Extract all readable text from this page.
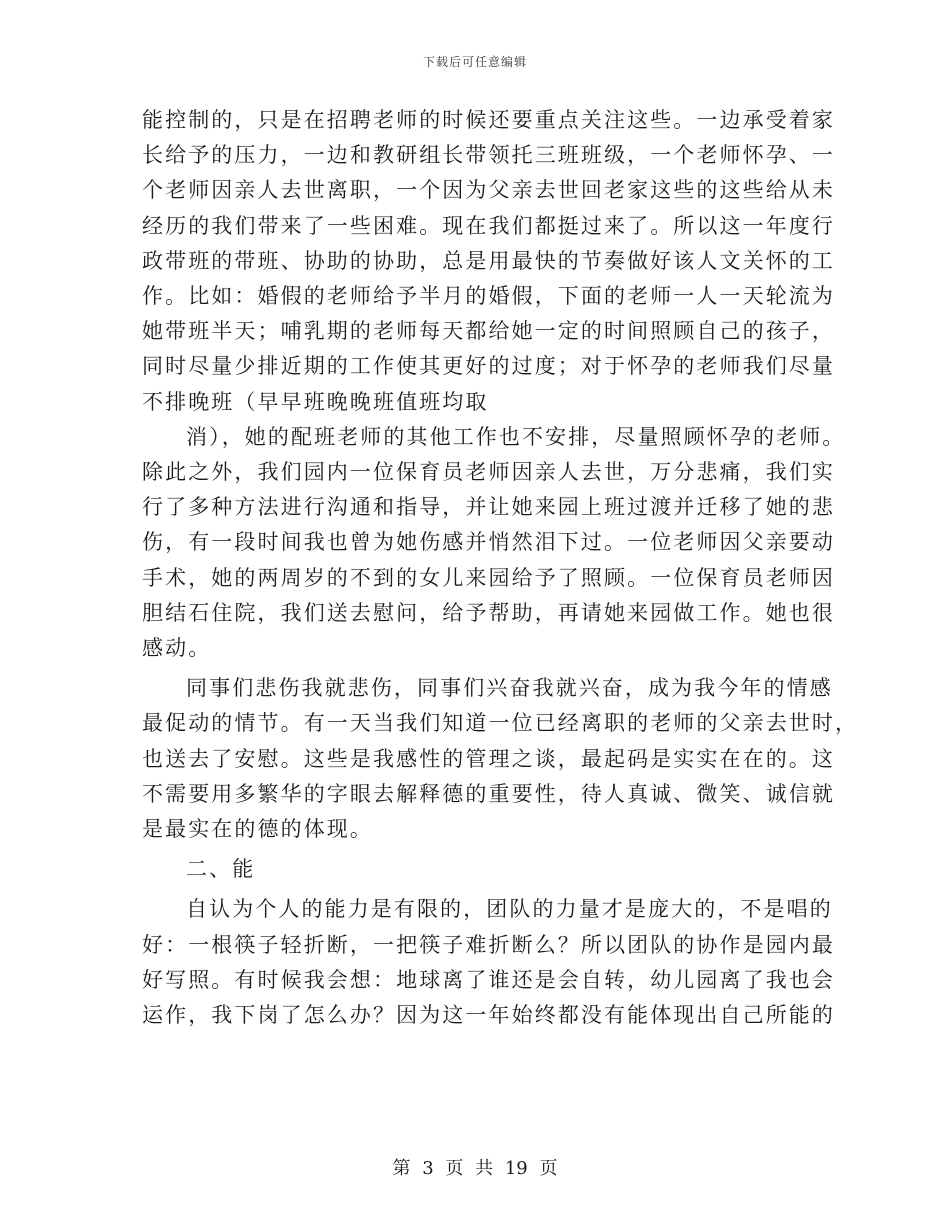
下载后可任意编辑
能控制的，只是在招聘老师的时候还要重点关注这些。一边承受着家
长给予的压力，一边和教研组长带领托三班班级，一个老师怀孕、一
个老师因亲人去世离职，一个因为父亲去世回老家这些的这些给从未
经历的我们带来了一些困难。现在我们都挺过来了。所以这一年度行
政带班的带班、协助的协助，总是用最快的节奏做好该人文关怀的工
作。比如：婚假的老师给予半月的婚假，下面的老师一人一天轮流为
她带班半天；哺乳期的老师每天都给她一定的时间照顾自己的孩子，
同时尽量少排近期的工作使其更好的过度；对于怀孕的老师我们尽量
不排晚班（早早班晚晚班值班均取
消），她的配班老师的其他工作也不安排，尽量照顾怀孕的老师。
除此之外，我们园内一位保育员老师因亲人去世，万分悲痛，我们实
行了多种方法进行沟通和指导，并让她来园上班过渡并迁移了她的悲
伤，有一段时间我也曾为她伤感并悄然泪下过。一位老师因父亲要动
手术，她的两周岁的不到的女儿来园给予了照顾。一位保育员老师因
胆结石住院，我们送去慰问，给予帮助，再请她来园做工作。她也很
感动。
同事们悲伤我就悲伤，同事们兴奋我就兴奋，成为我今年的情感
最促动的情节。有一天当我们知道一位已经离职的老师的父亲去世时，
也送去了安慰。这些是我感性的管理之谈，最起码是实实在在的。这
不需要用多繁华的字眼去解释德的重要性，待人真诚、微笑、诚信就
是最实在的德的体现。
二、能
自认为个人的能力是有限的，团队的力量才是庞大的，不是唱的
好：一根筷子轻折断，一把筷子难折断么？所以团队的协作是园内最
好写照。有时候我会想：地球离了谁还是会自转，幼儿园离了我也会
运作，我下岗了怎么办？因为这一年始终都没有能体现出自己所能的
第 3 页 共 19 页
